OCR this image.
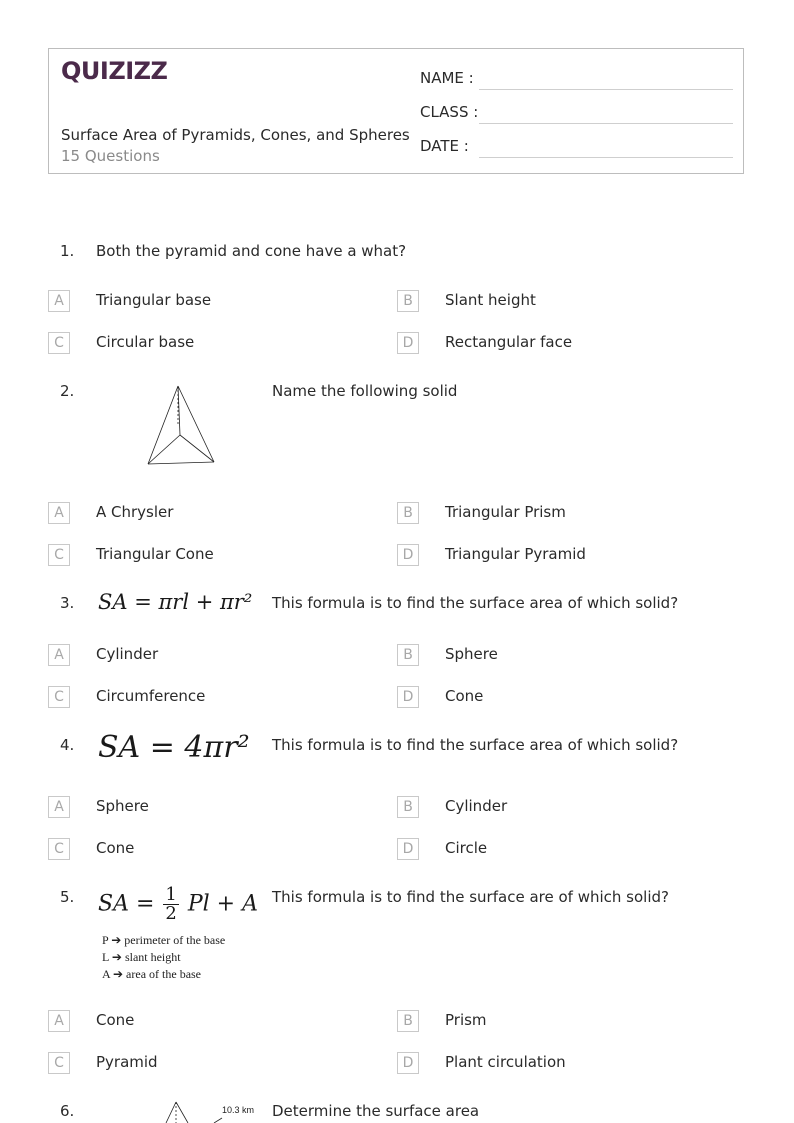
QUIZIZZ
Surface Area of Pyramids, Cones, and Spheres
15 Questions
NAME :
CLASS :
DATE :
1. Both the pyramid and cone have a what?
A	Triangular base	B	Slant height
C	Circular base	D	Rectangular face
2.	Name the following solid
A	A Chrysler	B	Triangular Prism
C	Triangular Cone	D	Triangular Pyramid
3. SA = πrl + πr² This formula is to find the surface area of which solid?
A	Cylinder	B	Sphere
C	Circumference	D	Cone
4. SA = 4πr² This formula is to find the surface area of which solid?
A	Sphere	B	Cylinder
C	Cone	D	Circle
5. SA = $\frac{1}{2}$ Pl + A
P ➔ perimeter of the base
L ➔ slant height
A ➔ area of the base
This formula is to find the surface are of which solid?
A	Cone	B	Prism
C	Pyramid	D	Plant circulation
6.	10.3 km Determine the surface area
